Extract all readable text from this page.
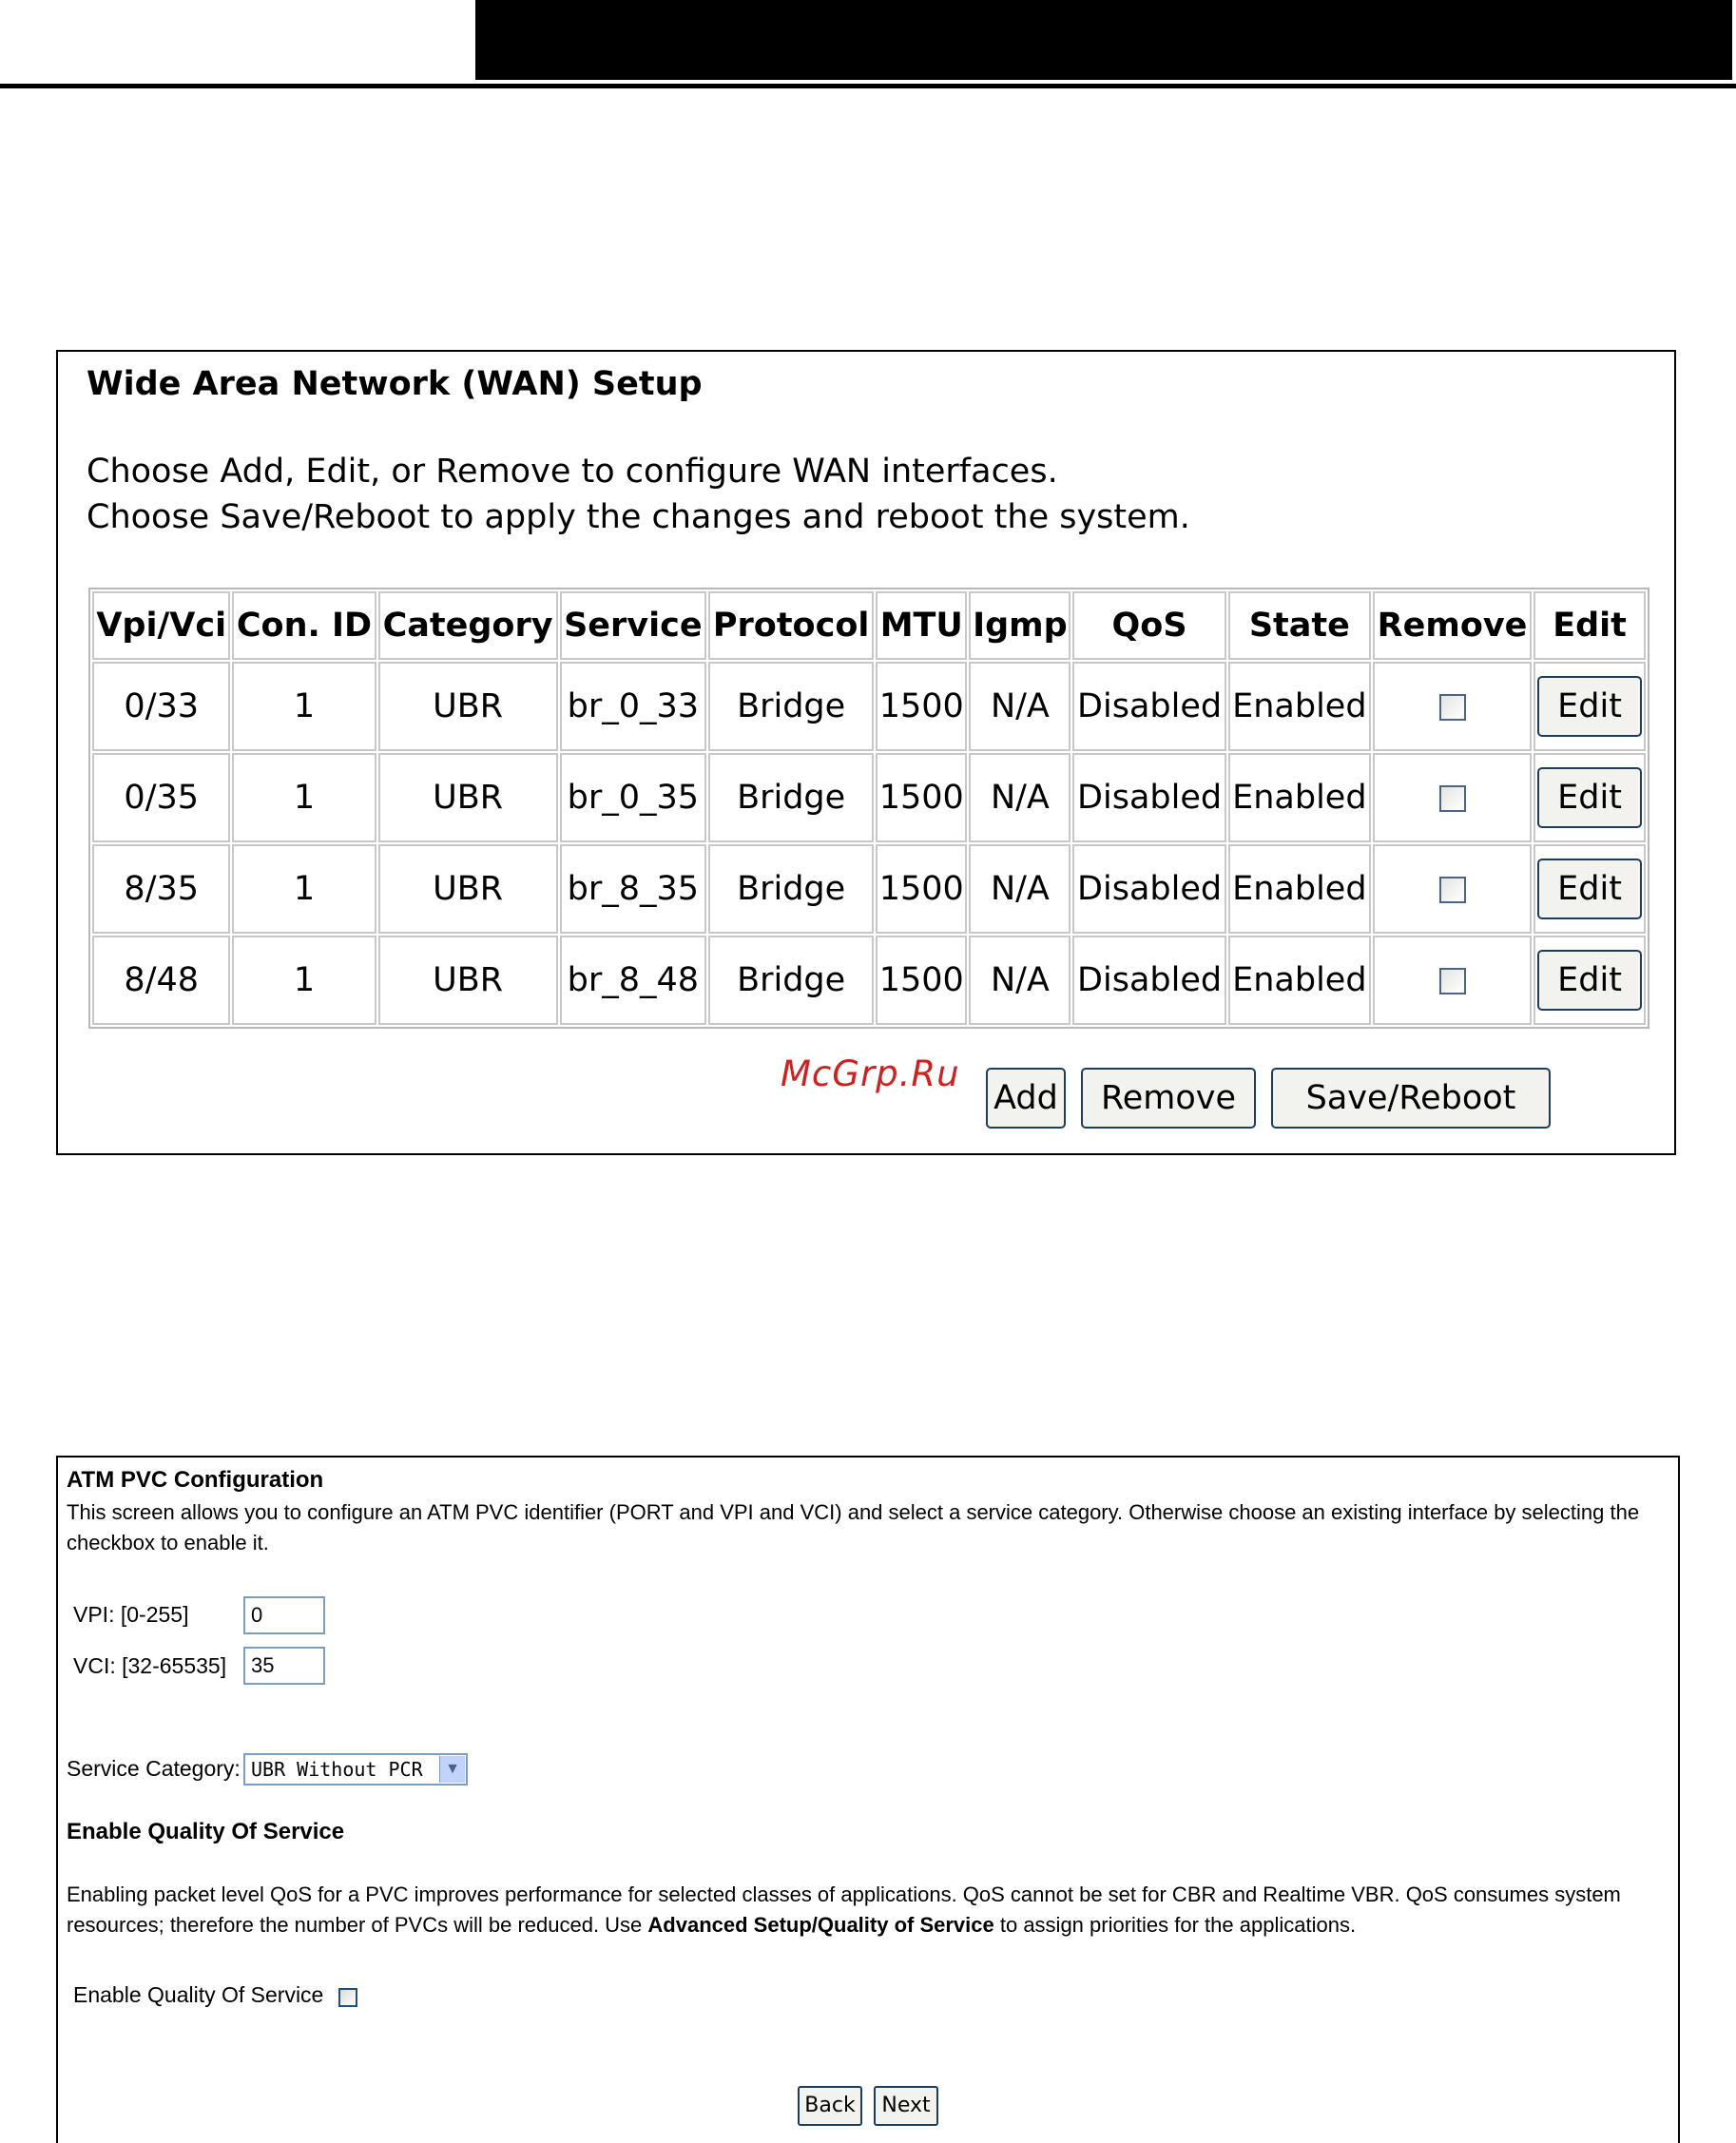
Wide Area Network (WAN) Setup

Choose Add, Edit, or Remove to configure WAN interfaces.

Choose Save/Reboot to apply the changes and reboot the system.

Vpi/Vci	Con. ID	Category	Service	Protocol	MTU	Igmp	QoS	State	Remove	Edit
0/33	1	UBR	br_0_33	Bridge	1500	N/A	Disabled	Enabled		Edit
0/35	1	UBR	br_0_35	Bridge	1500	N/A	Disabled	Enabled		Edit
8/35	1	UBR	br_8_35	Bridge	1500	N/A	Disabled	Enabled		Edit
8/48	1	UBR	br_8_48	Bridge	1500	N/A	Disabled	Enabled		Edit
McGrp.Ru
Add	Remove	Save/Reboot
ATM PVC Configuration

This screen allows you to configure an ATM PVC identifier (PORT and VPI and VCI) and select a service category. Otherwise choose an existing interface by selecting the checkbox to enable it.

VPI: [0-255]
0
VCI: [32-65535]
35
Service Category: UBR Without PCR	▼
Enable Quality Of Service

Enabling packet level QoS for a PVC improves performance for selected classes of applications. QoS cannot be set for CBR and Realtime VBR. QoS consumes system resources; therefore the number of PVCs will be reduced. Use Advanced Setup/Quality of Service to assign priorities for the applications.

Enable Quality Of Service
Back	Next
